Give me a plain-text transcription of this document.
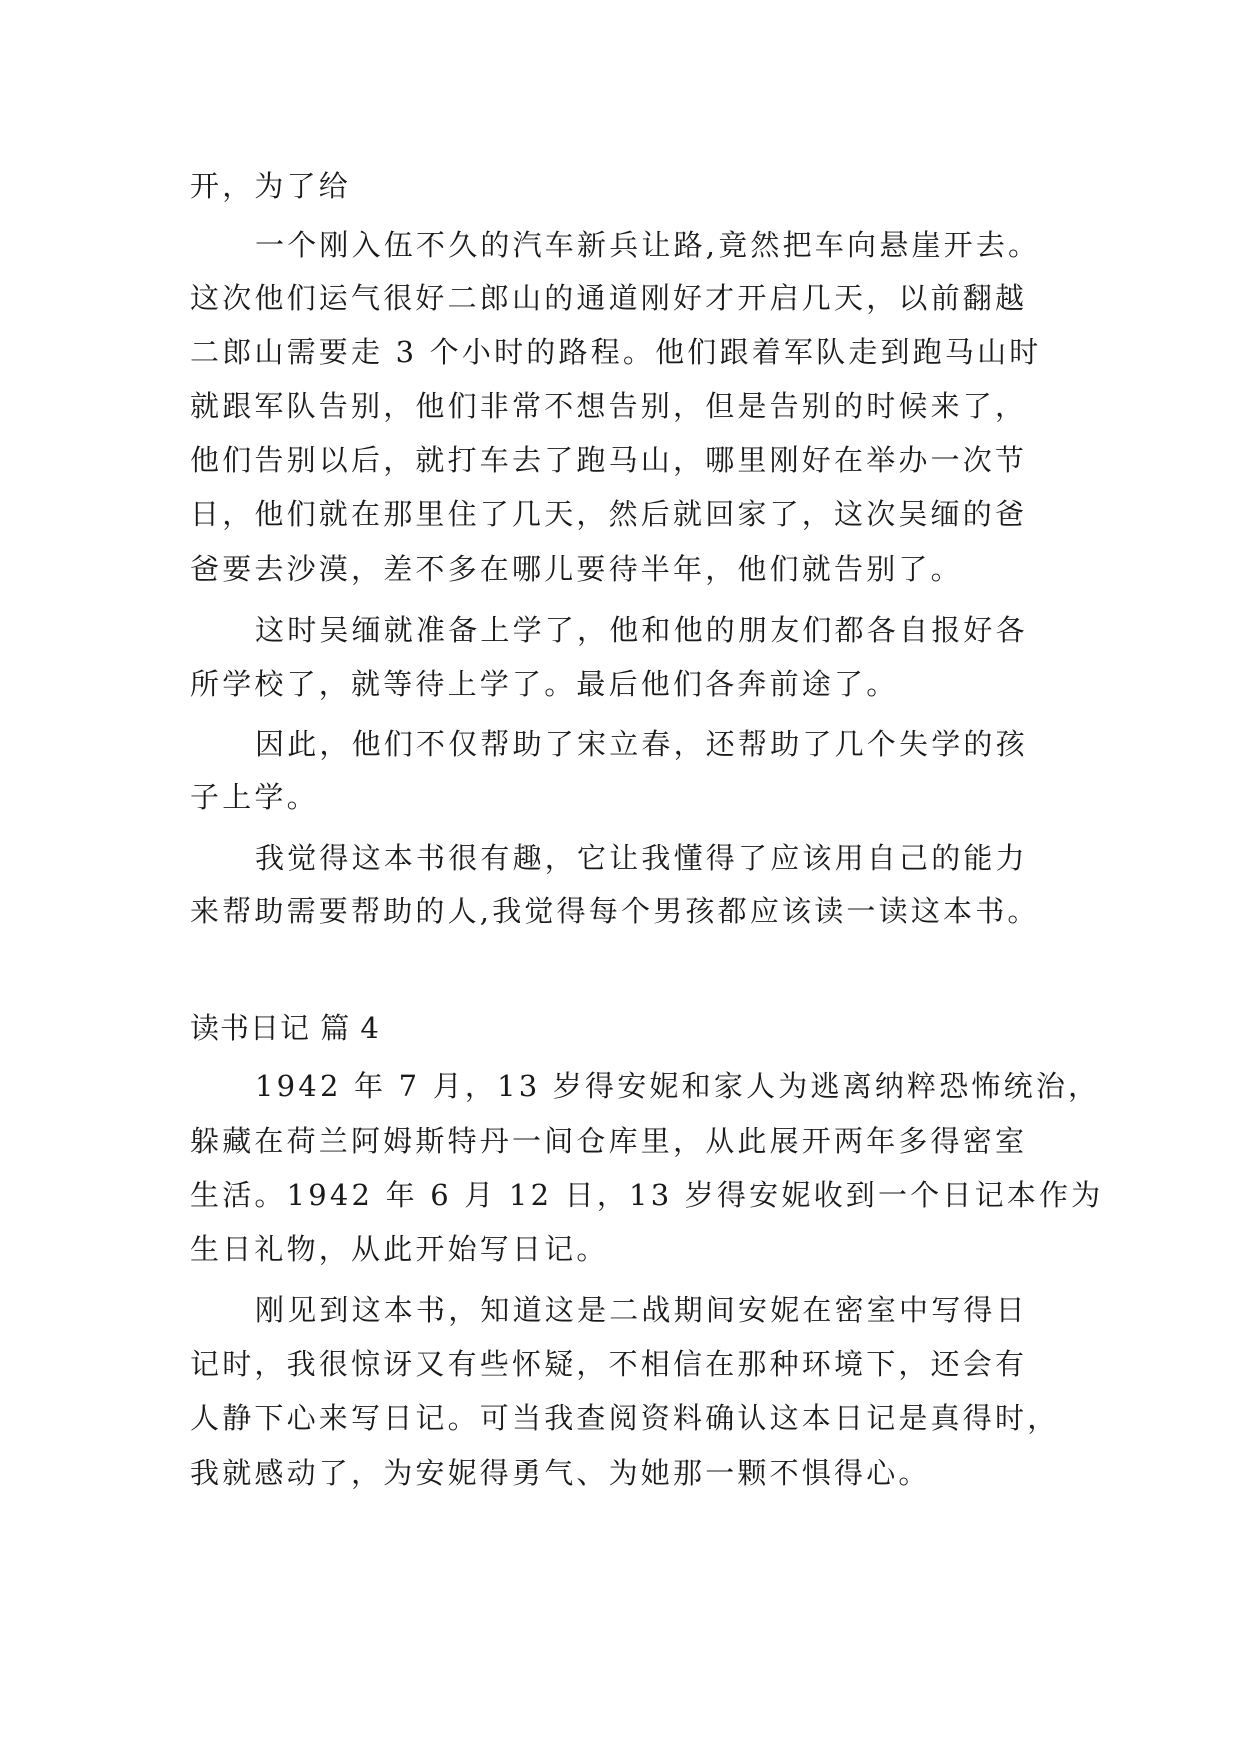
开，为了给
一个刚入伍不久的汽车新兵让路,竟然把车向悬崖开去。
这次他们运气很好二郎山的通道刚好才开启几天，以前翻越
二郎山需要走 3 个小时的路程。他们跟着军队走到跑马山时
就跟军队告别，他们非常不想告别，但是告别的时候来了，
他们告别以后，就打车去了跑马山，哪里刚好在举办一次节
日，他们就在那里住了几天，然后就回家了，这次吴缅的爸
爸要去沙漠，差不多在哪儿要待半年，他们就告别了。
这时吴缅就准备上学了，他和他的朋友们都各自报好各
所学校了，就等待上学了。最后他们各奔前途了。
因此，他们不仅帮助了宋立春，还帮助了几个失学的孩
子上学。
我觉得这本书很有趣，它让我懂得了应该用自己的能力
来帮助需要帮助的人,我觉得每个男孩都应该读一读这本书。
读书日记 篇 4
1942 年 7 月，13 岁得安妮和家人为逃离纳粹恐怖统治，
躲藏在荷兰阿姆斯特丹一间仓库里，从此展开两年多得密室
生活。1942 年 6 月 12 日，13 岁得安妮收到一个日记本作为
生日礼物，从此开始写日记。
刚见到这本书，知道这是二战期间安妮在密室中写得日
记时，我很惊讶又有些怀疑，不相信在那种环境下，还会有
人静下心来写日记。可当我查阅资料确认这本日记是真得时，
我就感动了，为安妮得勇气、为她那一颗不惧得心。
